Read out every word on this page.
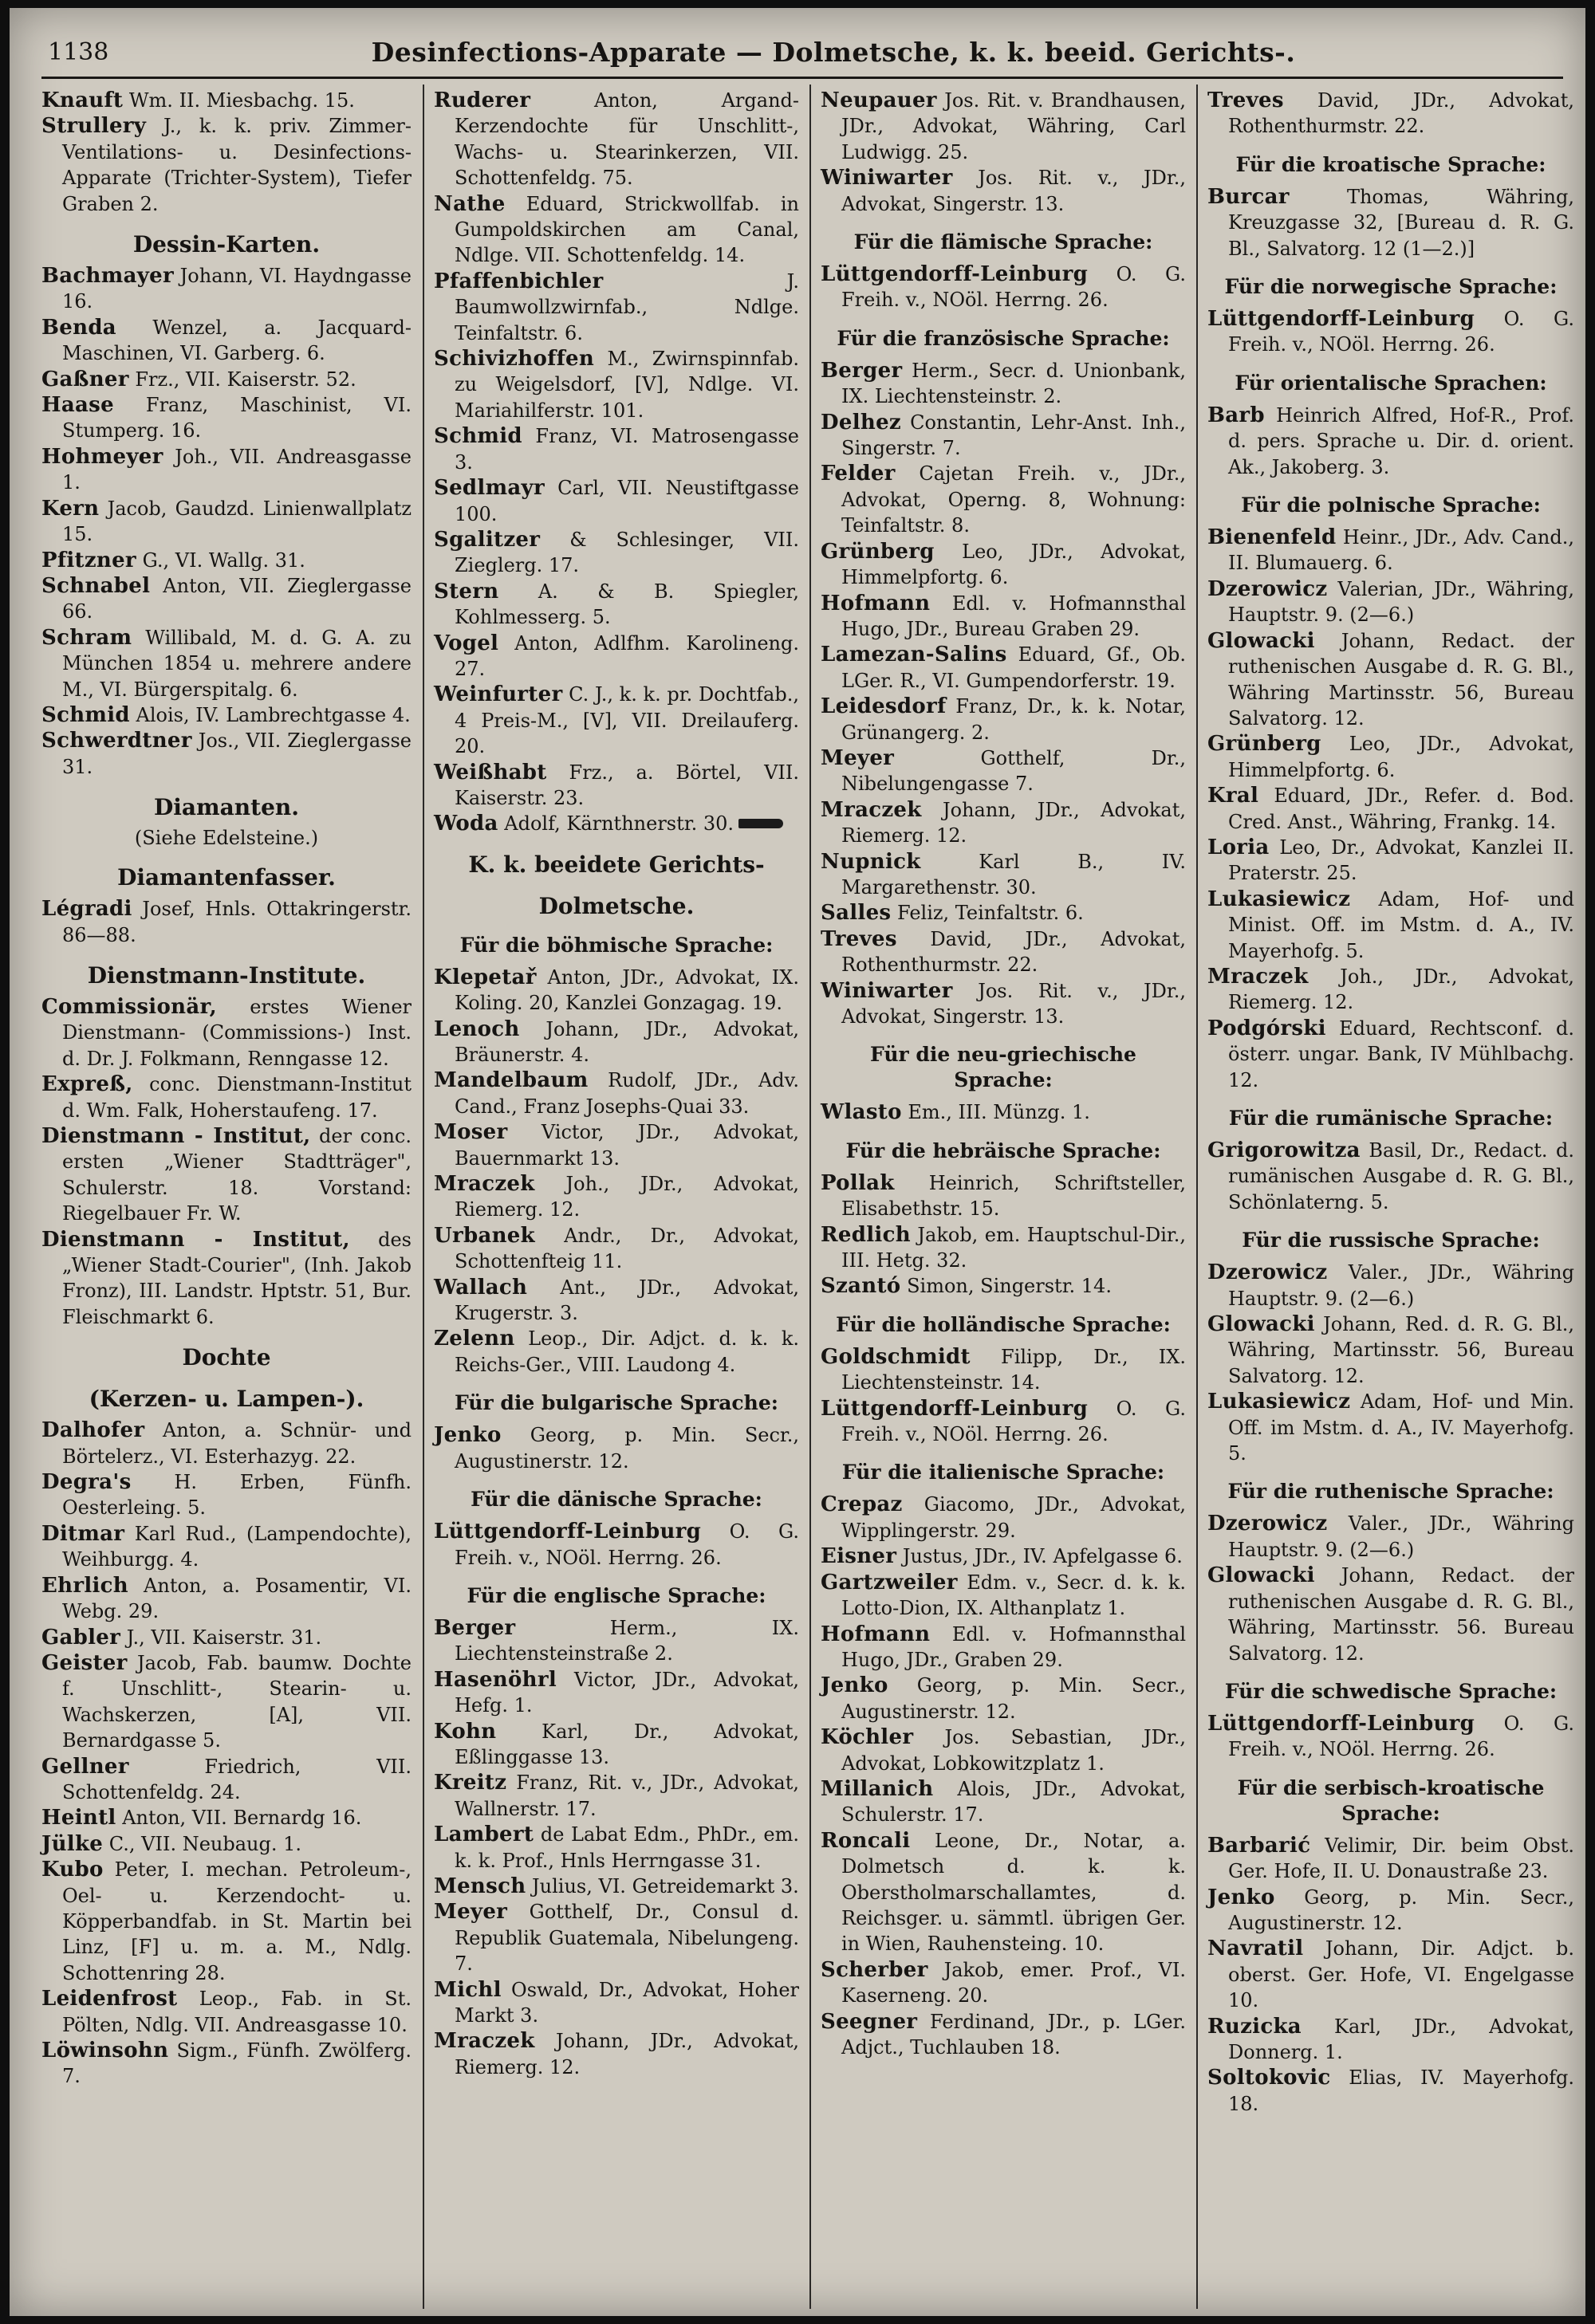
1138	Desinfections-Apparate — Dolmetsche, k. k. beeid. Gerichts-.

Knauft Wm. II. Miesbachg. 15.

Strullery J., k. k. priv. Zimmer-Ventilations- u. Desinfections-Apparate (Trichter-System), Tiefer Graben 2.

Dessin-Karten.

Bachmayer Johann, VI. Haydngasse 16.

Benda Wenzel, a. Jacquard-Maschinen, VI. Garberg. 6.

Gaßner Frz., VII. Kaiserstr. 52.

Haase Franz, Maschinist, VI. Stumperg. 16.

Hohmeyer Joh., VII. Andreasgasse 1.

Kern Jacob, Gaudzd. Linienwallplatz 15.

Pfitzner G., VI. Wallg. 31.

Schnabel Anton, VII. Zieglergasse 66.

Schram Willibald, M. d. G. A. zu München 1854 u. mehrere andere M., VI. Bürgerspitalg. 6.

Schmid Alois, IV. Lambrechtgasse 4.

Schwerdtner Jos., VII. Zieglergasse 31.

Diamanten.
(Siehe Edelsteine.)
Diamantenfasser.

Légradi Josef, Hnls. Ottakringerstr. 86—88.

Dienstmann-Institute.

Commissionär, erstes Wiener Dienstmann- (Commissions-) Inst. d. Dr. J. Folkmann, Renngasse 12.

Expreß, conc. Dienstmann-Institut d. Wm. Falk, Hoherstaufeng. 17.

Dienstmann - Institut, der conc. ersten „Wiener Stadtträger", Schulerstr. 18. Vorstand: Riegelbauer Fr. W.

Dienstmann - Institut, des „Wiener Stadt-Courier", (Inh. Jakob Fronz), III. Landstr. Hptstr. 51, Bur. Fleischmarkt 6.

Dochte
(Kerzen- u. Lampen-).

Dalhofer Anton, a. Schnür- und Börtelerz., VI. Esterhazyg. 22.

Degra's H. Erben, Fünfh. Oesterleing. 5.

Ditmar Karl Rud., (Lampendochte), Weihburgg. 4.

Ehrlich Anton, a. Posamentir, VI. Webg. 29.

Gabler J., VII. Kaiserstr. 31.

Geister Jacob, Fab. baumw. Dochte f. Unschlitt-, Stearin- u. Wachskerzen, [A], VII. Bernardgasse 5.

Gellner Friedrich, VII. Schottenfeldg. 24.

Heintl Anton, VII. Bernardg 16.

Jülke C., VII. Neubaug. 1.

Kubo Peter, I. mechan. Petroleum-, Oel- u. Kerzendocht- u. Köpperbandfab. in St. Martin bei Linz, [F] u. m. a. M., Ndlg. Schottenring 28.

Leidenfrost Leop., Fab. in St. Pölten, Ndlg. VII. Andreasgasse 10.

Löwinsohn Sigm., Fünfh. Zwölferg. 7.

Ruderer Anton, Argand-Kerzendochte für Unschlitt-, Wachs- u. Stearinkerzen, VII. Schottenfeldg. 75.

Nathe Eduard, Strickwollfab. in Gumpoldskirchen am Canal, Ndlge. VII. Schottenfeldg. 14.

Pfaffenbichler J. Baumwollzwirnfab., Ndlge. Teinfaltstr. 6.

Schivizhoffen M., Zwirnspinnfab. zu Weigelsdorf, [V], Ndlge. VI. Mariahilferstr. 101.

Schmid Franz, VI. Matrosengasse 3.

Sedlmayr Carl, VII. Neustiftgasse 100.

Sgalitzer & Schlesinger, VII. Zieglerg. 17.

Stern A. & B. Spiegler, Kohlmesserg. 5.

Vogel Anton, Adlfhm. Karolineng. 27.

Weinfurter C. J., k. k. pr. Dochtfab., 4 Preis-M., [V], VII. Dreilauferg. 20.

Weißhabt Frz., a. Börtel, VII. Kaiserstr. 23.

Woda Adolf, Kärnthnerstr. 30.

K. k. beeidete Gerichts-
Dolmetsche.
Für die böhmische Sprache:

Klepetař Anton, JDr., Advokat, IX. Koling. 20, Kanzlei Gonzagag. 19.

Lenoch Johann, JDr., Advokat, Bräunerstr. 4.

Mandelbaum Rudolf, JDr., Adv. Cand., Franz Josephs-Quai 33.

Moser Victor, JDr., Advokat, Bauernmarkt 13.

Mraczek Joh., JDr., Advokat, Riemerg. 12.

Urbanek Andr., Dr., Advokat, Schottenfteig 11.

Wallach Ant., JDr., Advokat, Krugerstr. 3.

Zelenn Leop., Dir. Adjct. d. k. k. Reichs-Ger., VIII. Laudong 4.

Für die bulgarische Sprache:

Jenko Georg, p. Min. Secr., Augustinerstr. 12.

Für die dänische Sprache:

Lüttgendorff-Leinburg O. G. Freih. v., NOöl. Herrng. 26.

Für die englische Sprache:

Berger Herm., IX. Liechtensteinstraße 2.

Hasenöhrl Victor, JDr., Advokat, Hefg. 1.

Kohn Karl, Dr., Advokat, Eßlinggasse 13.

Kreitz Franz, Rit. v., JDr., Advokat, Wallnerstr. 17.

Lambert de Labat Edm., PhDr., em. k. k. Prof., Hnls Herrngasse 31.

Mensch Julius, VI. Getreidemarkt 3.

Meyer Gotthelf, Dr., Consul d. Republik Guatemala, Nibelungeng. 7.

Michl Oswald, Dr., Advokat, Hoher Markt 3.

Mraczek Johann, JDr., Advokat, Riemerg. 12.

Neupauer Jos. Rit. v. Brandhausen, JDr., Advokat, Währing, Carl Ludwigg. 25.

Winiwarter Jos. Rit. v., JDr., Advokat, Singerstr. 13.

Für die flämische Sprache:

Lüttgendorff-Leinburg O. G. Freih. v., NOöl. Herrng. 26.

Für die französische Sprache:

Berger Herm., Secr. d. Unionbank, IX. Liechtensteinstr. 2.

Delhez Constantin, Lehr-Anst. Inh., Singerstr. 7.

Felder Cajetan Freih. v., JDr., Advokat, Operng. 8, Wohnung: Teinfaltstr. 8.

Grünberg Leo, JDr., Advokat, Himmelpfortg. 6.

Hofmann Edl. v. Hofmannsthal Hugo, JDr., Bureau Graben 29.

Lamezan-Salins Eduard, Gf., Ob. LGer. R., VI. Gumpendorferstr. 19.

Leidesdorf Franz, Dr., k. k. Notar, Grünangerg. 2.

Meyer Gotthelf, Dr., Nibelungengasse 7.

Mraczek Johann, JDr., Advokat, Riemerg. 12.

Nupnick Karl B., IV. Margarethenstr. 30.

Salles Feliz, Teinfaltstr. 6.

Treves David, JDr., Advokat, Rothenthurmstr. 22.

Winiwarter Jos. Rit. v., JDr., Advokat, Singerstr. 13.

Für die neu-griechische Sprache:

Wlasto Em., III. Münzg. 1.

Für die hebräische Sprache:

Pollak Heinrich, Schriftsteller, Elisabethstr. 15.

Redlich Jakob, em. Hauptschul-Dir., III. Hetg. 32.

Szantó Simon, Singerstr. 14.

Für die holländische Sprache:

Goldschmidt Filipp, Dr., IX. Liechtensteinstr. 14.

Lüttgendorff-Leinburg O. G. Freih. v., NOöl. Herrng. 26.

Für die italienische Sprache:

Crepaz Giacomo, JDr., Advokat, Wipplingerstr. 29.

Eisner Justus, JDr., IV. Apfelgasse 6.

Gartzweiler Edm. v., Secr. d. k. k. Lotto-Dion, IX. Althanplatz 1.

Hofmann Edl. v. Hofmannsthal Hugo, JDr., Graben 29.

Jenko Georg, p. Min. Secr., Augustinerstr. 12.

Köchler Jos. Sebastian, JDr., Advokat, Lobkowitzplatz 1.

Millanich Alois, JDr., Advokat, Schulerstr. 17.

Roncali Leone, Dr., Notar, a. Dolmetsch d. k. k. Oberstholmarschallamtes, d. Reichsger. u. sämmtl. übrigen Ger. in Wien, Rauhensteing. 10.

Scherber Jakob, emer. Prof., VI. Kaserneng. 20.

Seegner Ferdinand, JDr., p. LGer. Adjct., Tuchlauben 18.

Treves David, JDr., Advokat, Rothenthurmstr. 22.

Für die kroatische Sprache:

Burcar Thomas, Währing, Kreuzgasse 32, [Bureau d. R. G. Bl., Salvatorg. 12 (1—2.)]

Für die norwegische Sprache:

Lüttgendorff-Leinburg O. G. Freih. v., NOöl. Herrng. 26.

Für orientalische Sprachen:

Barb Heinrich Alfred, Hof-R., Prof. d. pers. Sprache u. Dir. d. orient. Ak., Jakoberg. 3.

Für die polnische Sprache:

Bienenfeld Heinr., JDr., Adv. Cand., II. Blumauerg. 6.

Dzerowicz Valerian, JDr., Währing, Hauptstr. 9. (2—6.)

Glowacki Johann, Redact. der ruthenischen Ausgabe d. R. G. Bl., Währing Martinsstr. 56, Bureau Salvatorg. 12.

Grünberg Leo, JDr., Advokat, Himmelpfortg. 6.

Kral Eduard, JDr., Refer. d. Bod. Cred. Anst., Währing, Frankg. 14.

Loria Leo, Dr., Advokat, Kanzlei II. Praterstr. 25.

Lukasiewicz Adam, Hof- und Minist. Off. im Mstm. d. A., IV. Mayerhofg. 5.

Mraczek Joh., JDr., Advokat, Riemerg. 12.

Podgórski Eduard, Rechtsconf. d. österr. ungar. Bank, IV Mühlbachg. 12.

Für die rumänische Sprache:

Grigorowitza Basil, Dr., Redact. d. rumänischen Ausgabe d. R. G. Bl., Schönlaterng. 5.

Für die russische Sprache:

Dzerowicz Valer., JDr., Währing Hauptstr. 9. (2—6.)

Glowacki Johann, Red. d. R. G. Bl., Währing, Martinsstr. 56, Bureau Salvatorg. 12.

Lukasiewicz Adam, Hof- und Min. Off. im Mstm. d. A., IV. Mayerhofg. 5.

Für die ruthenische Sprache:

Dzerowicz Valer., JDr., Währing Hauptstr. 9. (2—6.)

Glowacki Johann, Redact. der ruthenischen Ausgabe d. R. G. Bl., Währing, Martinsstr. 56. Bureau Salvatorg. 12.

Für die schwedische Sprache:

Lüttgendorff-Leinburg O. G. Freih. v., NOöl. Herrng. 26.

Für die serbisch-kroatische Sprache:

Barbarić Velimir, Dir. beim Obst. Ger. Hofe, II. U. Donaustraße 23.

Jenko Georg, p. Min. Secr., Augustinerstr. 12.

Navratil Johann, Dir. Adjct. b. oberst. Ger. Hofe, VI. Engelgasse 10.

Ruzicka Karl, JDr., Advokat, Donnerg. 1.

Soltokovic Elias, IV. Mayerhofg. 18.
